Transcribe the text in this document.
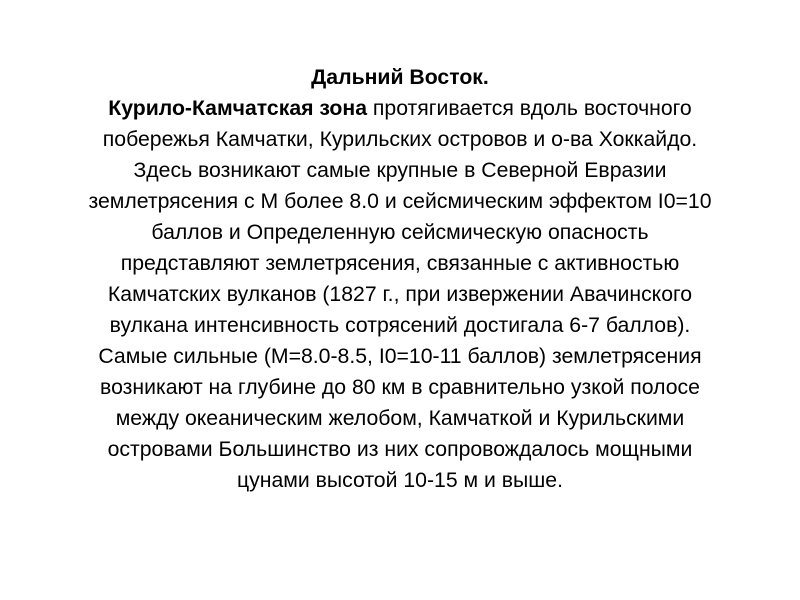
Дальний Восток.
Курило-Камчатская зона протягивается вдоль восточного
побережья Камчатки, Курильских островов и о-ва Хоккайдо.
Здесь возникают самые крупные в Северной Евразии
землетрясения с М более 8.0 и сейсмическим эффектом I0=10
баллов и Определенную сейсмическую опасность
представляют землетрясения, связанные с активностью
Камчатских вулканов (1827 г., при извержении Авачинского
вулкана интенсивность сотрясений достигала 6-7 баллов).
Самые сильные (M=8.0-8.5, I0=10-11 баллов) землетрясения
возникают на глубине до 80 км в сравнительно узкой полосе
между океаническим желобом, Камчаткой и Курильскими
островами Большинство из них сопровождалось мощными
цунами высотой 10-15 м и выше.
